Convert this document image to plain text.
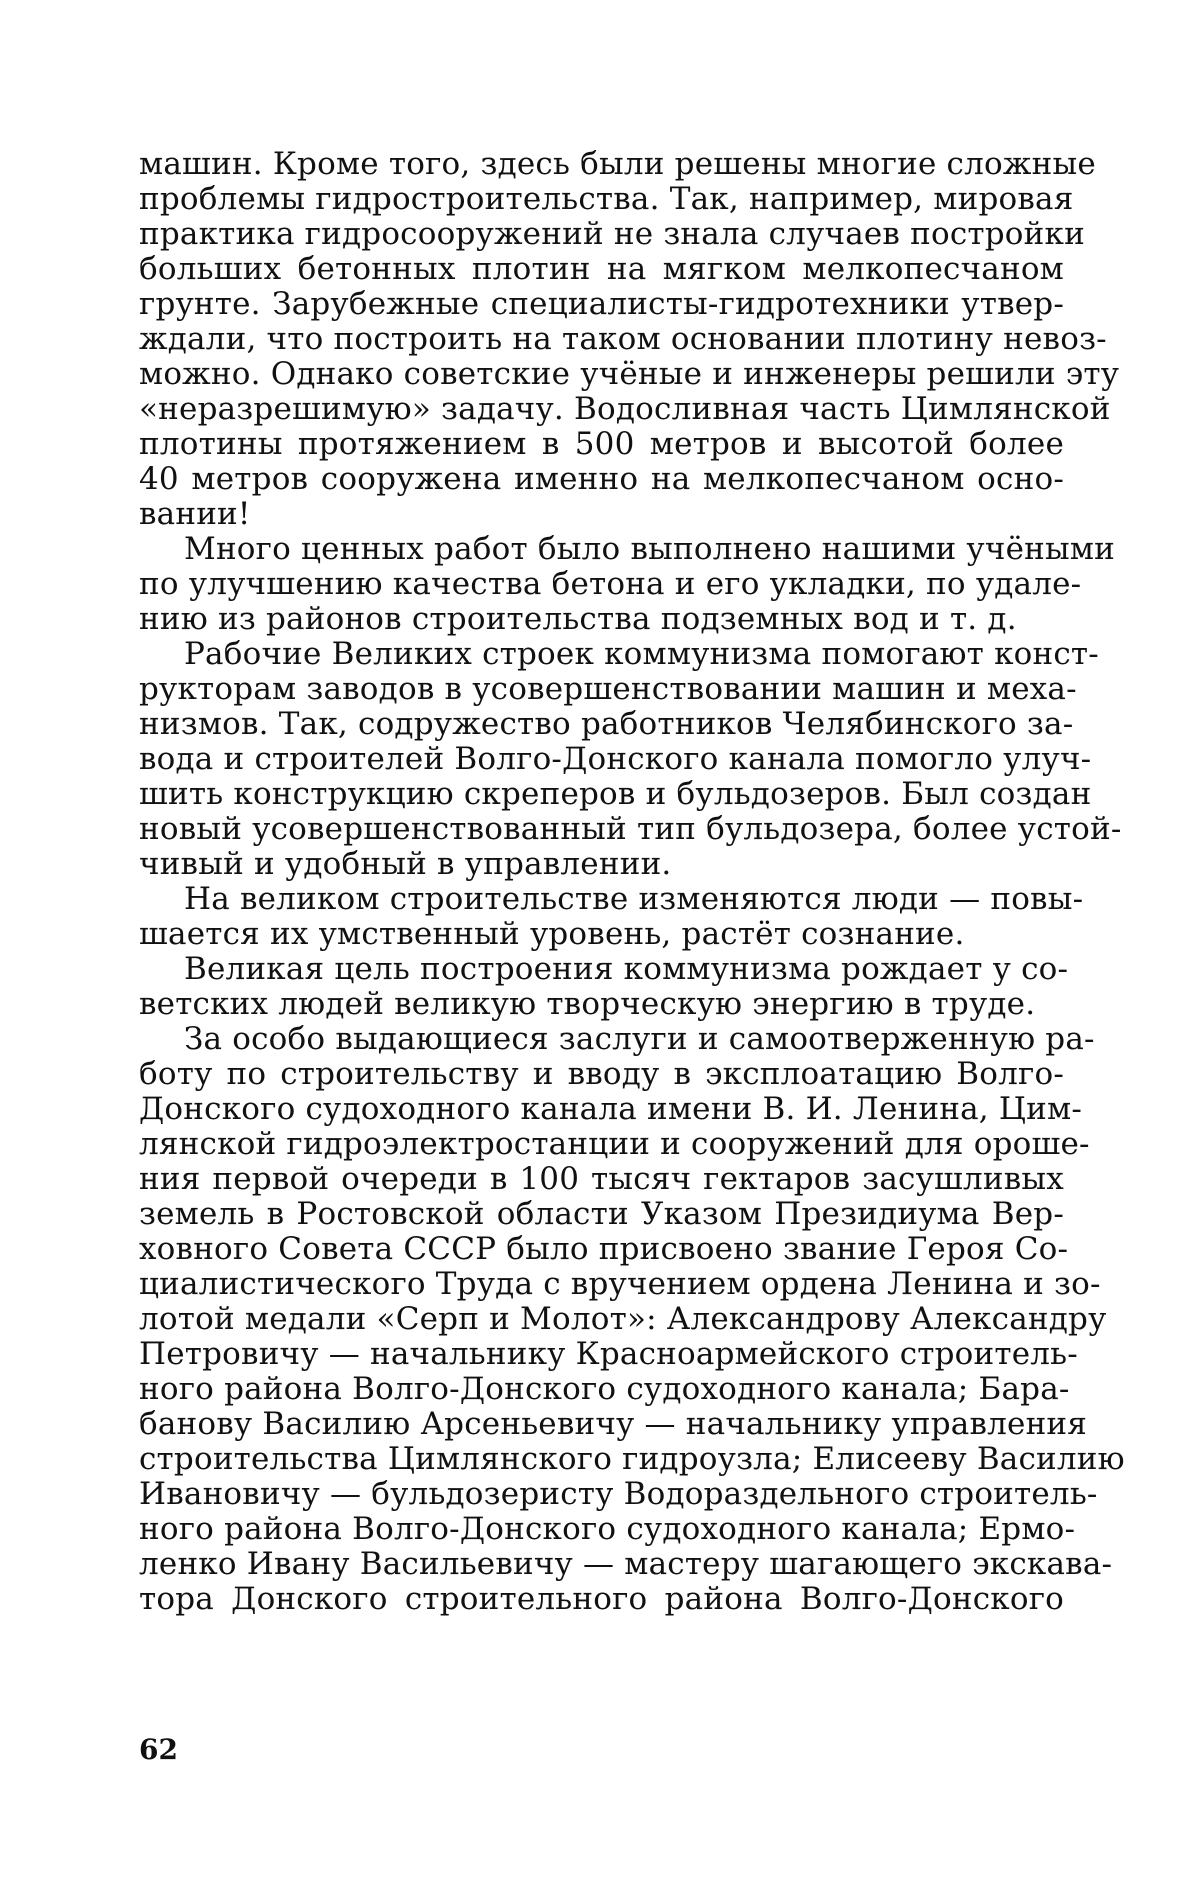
машин. Кроме того, здесь были решены многие сложные
проблемы гидростроительства. Так, например, мировая
практика гидросооружений не знала случаев постройки
больших бетонных плотин на мягком мелкопесчаном
грунте. Зарубежные специалисты-гидротехники утвер-
ждали, что построить на таком основании плотину невоз-
можно. Однако советские учёные и инженеры решили эту
«неразрешимую» задачу. Водосливная часть Цимлянской
плотины протяжением в 500 метров и высотой более
40 метров сооружена именно на мелкопесчаном осно-
вании!
Много ценных работ было выполнено нашими учёными
по улучшению качества бетона и его укладки, по удале-
нию из районов строительства подземных вод и т. д.
Рабочие Великих строек коммунизма помогают конст-
рукторам заводов в усовершенствовании машин и меха-
низмов. Так, содружество работников Челябинского за-
вода и строителей Волго-Донского канала помогло улуч-
шить конструкцию скреперов и бульдозеров. Был создан
новый усовершенствованный тип бульдозера, более устой-
чивый и удобный в управлении.
На великом строительстве изменяются люди — повы-
шается их умственный уровень, растёт сознание.
Великая цель построения коммунизма рождает у со-
ветских людей великую творческую энергию в труде.
За особо выдающиеся заслуги и самоотверженную ра-
боту по строительству и вводу в эксплоатацию Волго-
Донского судоходного канала имени В. И. Ленина, Цим-
лянской гидроэлектростанции и сооружений для ороше-
ния первой очереди в 100 тысяч гектаров засушливых
земель в Ростовской области Указом Президиума Вер-
ховного Совета СССР было присвоено звание Героя Со-
циалистического Труда с вручением ордена Ленина и зо-
лотой медали «Серп и Молот»: Александрову Александру
Петровичу — начальнику Красноармейского строитель-
ного района Волго-Донского судоходного канала; Бара-
банову Василию Арсеньевичу — начальнику управления
строительства Цимлянского гидроузла; Елисееву Василию
Ивановичу — бульдозеристу Водораздельного строитель-
ного района Волго-Донского судоходного канала; Ермо-
ленко Ивану Васильевичу — мастеру шагающего экскава-
тора Донского строительного района Волго-Донского
62
